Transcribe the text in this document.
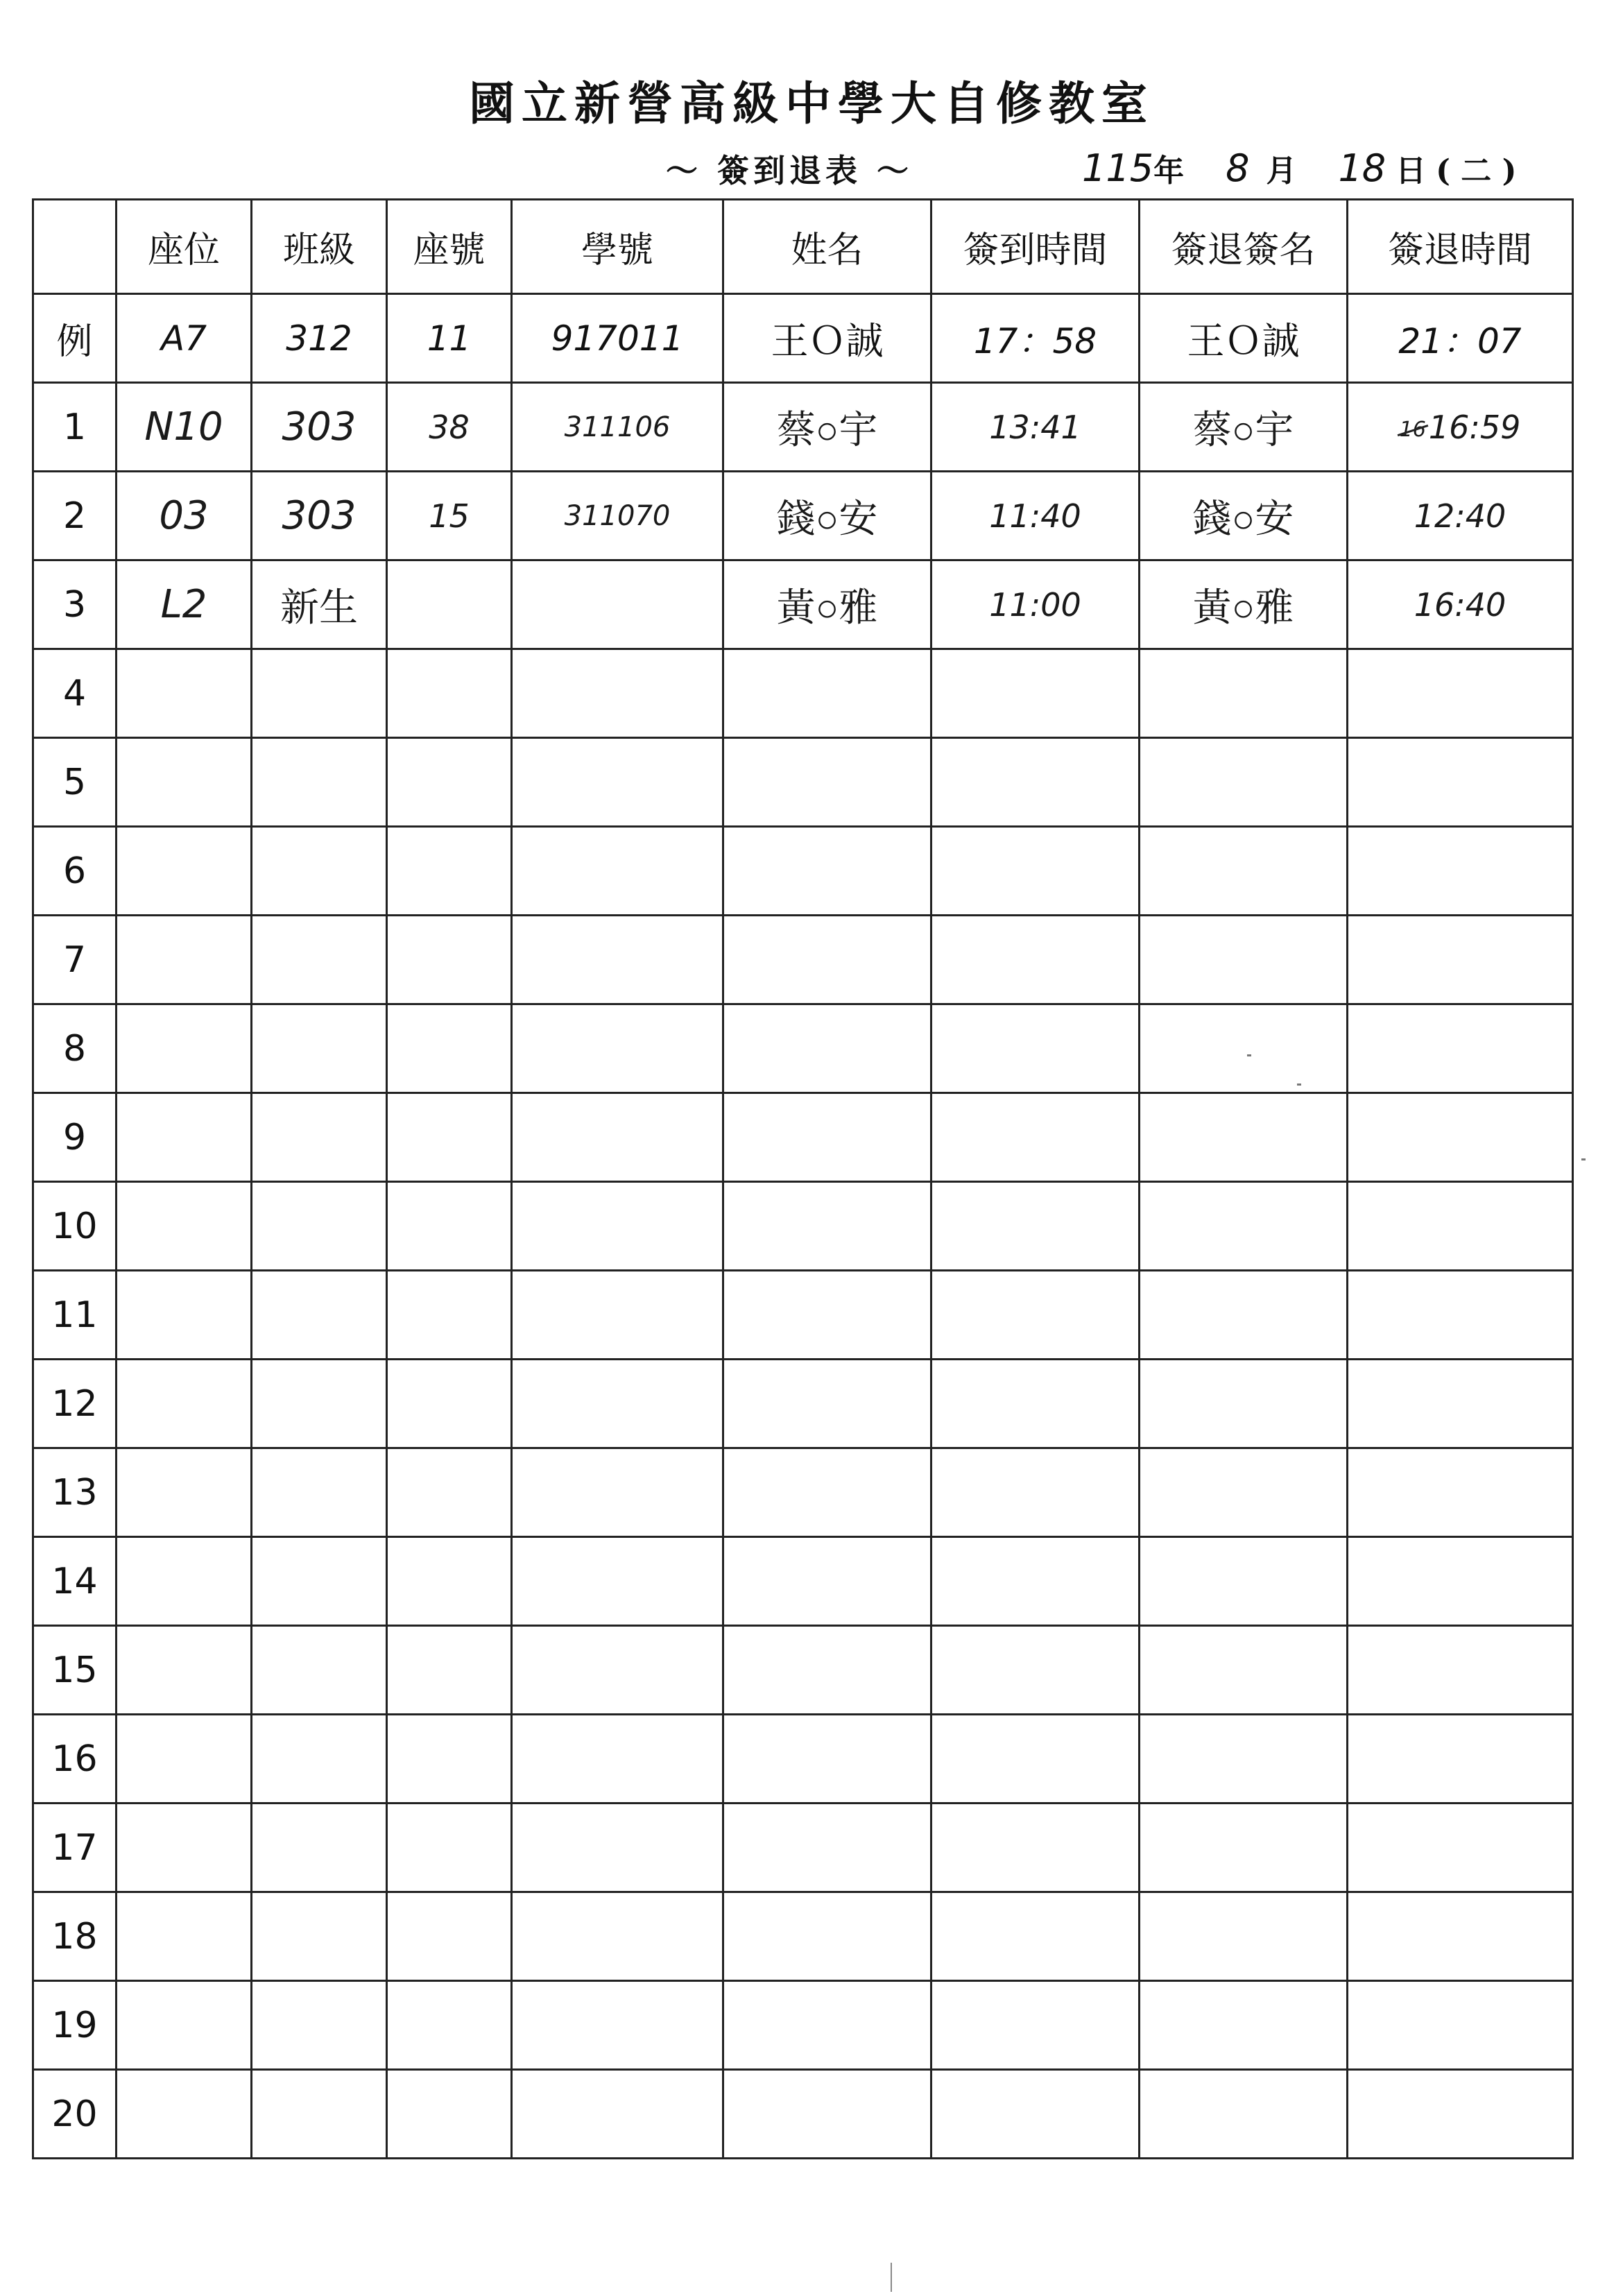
國立新營高級中學大自修教室
～ 簽到退表 ～	115 年 8 月 18 日 ( 二 )
	座位	班級	座號	學號	姓名	簽到時間	簽退簽名	簽退時間
例	A7	312	11	917011	王Ｏ誠	17：58	王Ｏ誠	21：07
1	N10	303	38	311106	蔡○宇	13:41	蔡○宇	1616:59
2	03	303	15	311070	錢○安	11:40	錢○安	12:40
3	L2	新生			黃○雅	11:00	黃○雅	16:40
4								
5								
6								
7								
8								
9								
10								
11								
12								
13								
14								
15								
16								
17								
18								
19								
20								
